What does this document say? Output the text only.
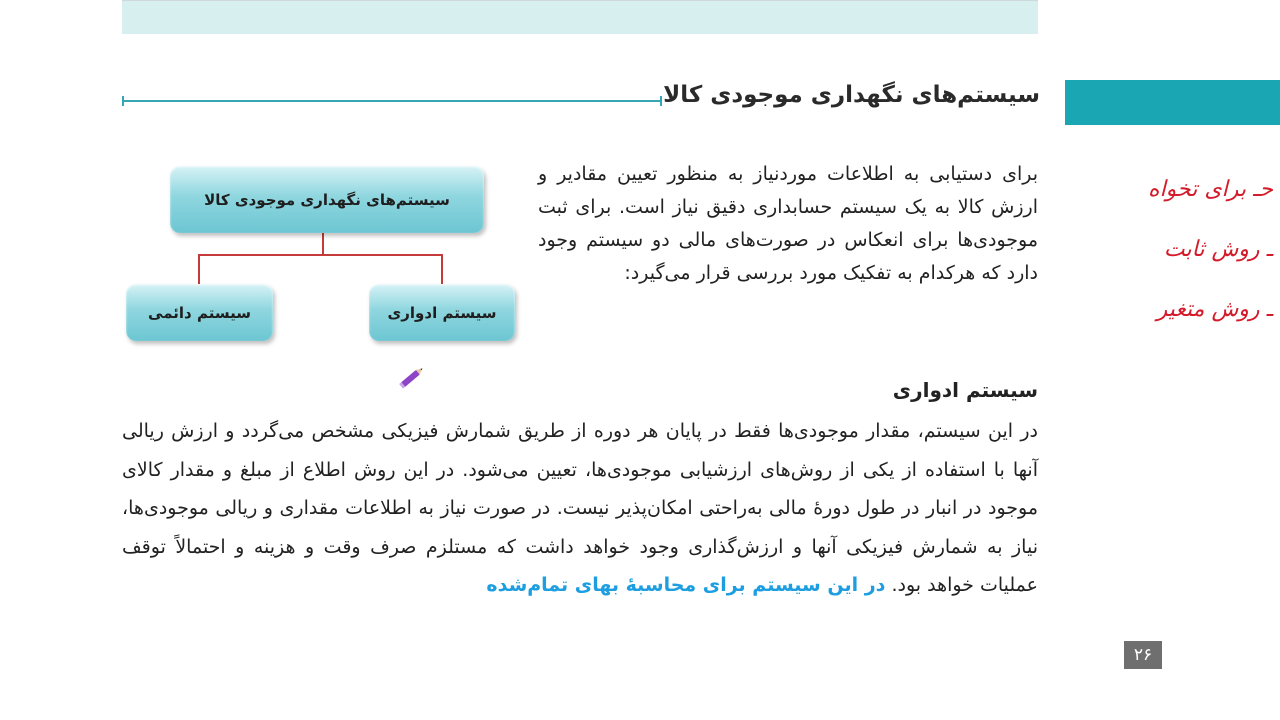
سیستم‌های نگهداری موجودی کالا
برای دستیابی به اطلاعات موردنیاز به منظور تعیین مقادیر و ارزش کالا به یک سیستم حسابداری دقیق نیاز است. برای ثبت موجودی‌ها برای انعکاس در صورت‌های مالی دو سیستم وجود دارد که هرکدام به تفکیک مورد بررسی قرار می‌گیرد:
سیستم‌های نگهداری موجودی کالا
سیستم ادواری
سیستم دائمی
سیستم ادواری
در این سیستم، مقدار موجودی‌ها فقط در پایان هر دوره از طریق شمارش فیزیکی مشخص می‌گردد و ارزش ریالی آنها با استفاده از یکی از روش‌های ارزشیابی موجودی‌ها، تعیین می‌شود. در این روش اطلاع از مبلغ و مقدار کالای موجود در انبار در طول دورۀ مالی به‌راحتی امکان‌پذیر نیست. در صورت نیاز به اطلاعات مقداری و ریالی موجودی‌ها، نیاز به شمارش فیزیکی آنها و ارزش‌گذاری وجود خواهد داشت که مستلزم صرف وقت و هزینه و احتمالاً توقف عملیات خواهد بود. در این سیستم برای محاسبۀ بهای تمام‌شده
حـ برای تخواه
ـ روش ثابت
ـ روش متغیر
۲۶
